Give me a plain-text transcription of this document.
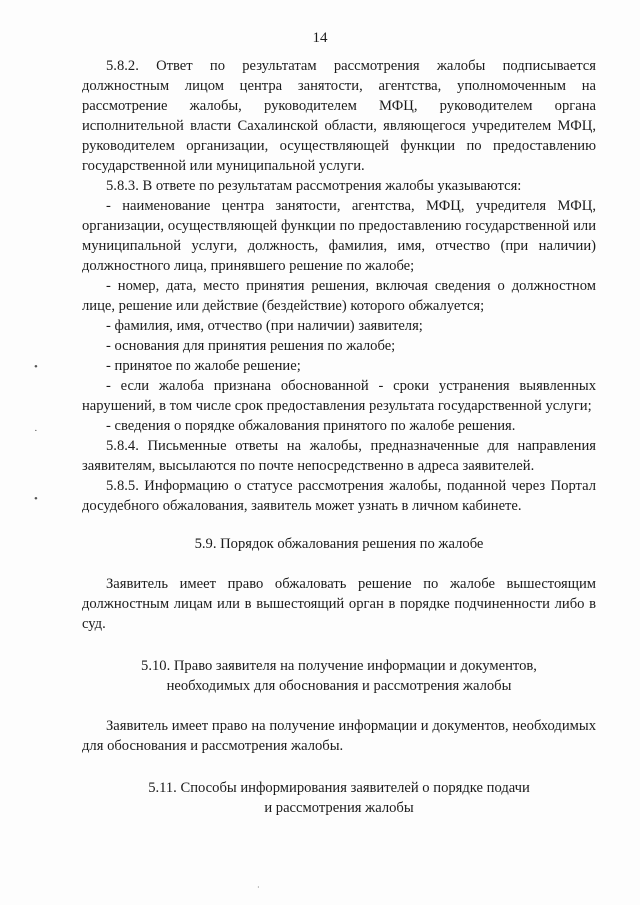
14

5.8.2. Ответ по результатам рассмотрения жалобы подписывается должностным лицом центра занятости, агентства, уполномоченным на рассмотрение жалобы, руководителем МФЦ, руководителем органа исполнительной власти Сахалинской области, являющегося учредителем МФЦ, руководителем организации, осуществляющей функции по предоставлению государственной или муниципальной услуги.

5.8.3. В ответе по результатам рассмотрения жалобы указываются:

- наименование центра занятости, агентства, МФЦ, учредителя МФЦ, организации, осуществляющей функции по предоставлению государственной или муниципальной услуги, должность, фамилия, имя, отчество (при наличии) должностного лица, принявшего решение по жалобе;

- номер, дата, место принятия решения, включая сведения о должностном лице, решение или действие (бездействие) которого обжалуется;

- фамилия, имя, отчество (при наличии) заявителя;

- основания для принятия решения по жалобе;

- принятое по жалобе решение;

- если жалоба признана обоснованной - сроки устранения выявленных нарушений, в том числе срок предоставления результата государственной услуги;

- сведения о порядке обжалования принятого по жалобе решения.

5.8.4. Письменные ответы на жалобы, предназначенные для направления заявителям, высылаются по почте непосредственно в адреса заявителей.

5.8.5. Информацию о статусе рассмотрения жалобы, поданной через Портал досудебного обжалования, заявитель может узнать в личном кабинете.

5.9. Порядок обжалования решения по жалобе

Заявитель имеет право обжаловать решение по жалобе вышестоящим должностным лицам или в вышестоящий орган в порядке подчиненности либо в суд.

5.10. Право заявителя на получение информации и документов,
необходимых для обоснования и рассмотрения жалобы

Заявитель имеет право на получение информации и документов, необходимых для обоснования и рассмотрения жалобы.

5.11. Способы информирования заявителей о порядке подачи
и рассмотрения жалобы

•
·
•
·
